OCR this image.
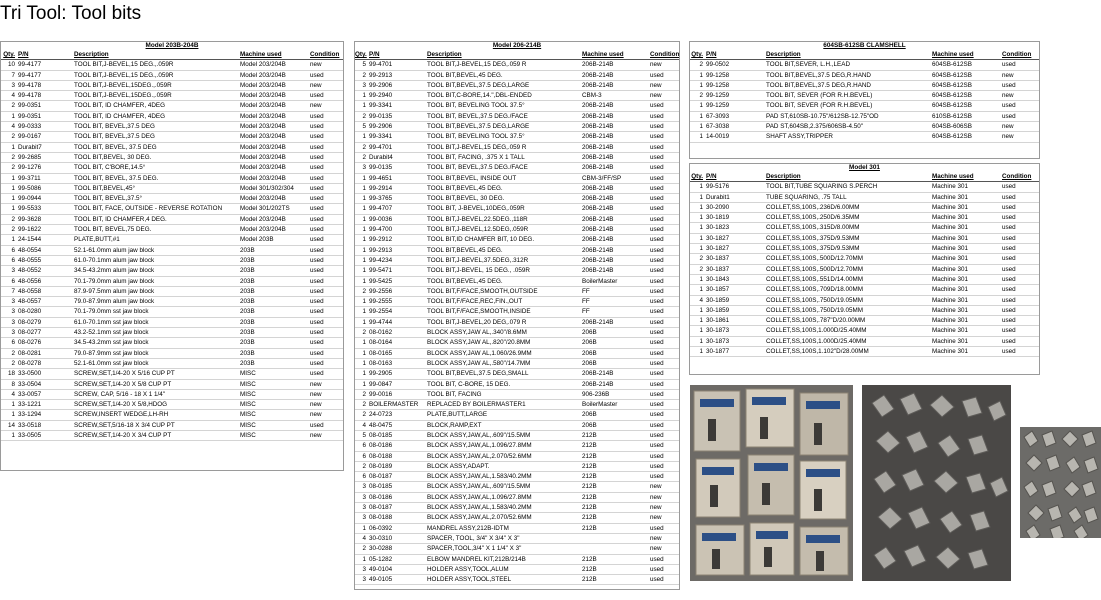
Tri Tool: Tool bits
Model 203B-204B
Qty.	P/N	Description	Machine used	Condition
10	99-4177	TOOL BIT,J-BEVEL,15 DEG.,.059R	Model 203/204B	new
7	99-4177	TOOL BIT,J-BEVEL,15 DEG.,.059R	Model 203/204B	used
3	99-4178	TOOL BIT,J-BEVEL,15DEG.,.059R	Model 203/204B	new
4	99-4178	TOOL BIT,J-BEVEL,15DEG.,.059R	Model 203/204B	used
2	99-0351	TOOL BIT, ID CHAMFER, 4DEG	Model 203/204B	new
1	99-0351	TOOL BIT, ID CHAMFER, 4DEG	Model 203/204B	used
4	99-0333	TOOL BIT, BEVEL,37.5 DEG	Model 203/204B	used
2	99-0167	TOOL BIT, BEVEL,37.5 DEG	Model 203/204B	used
1	Durabit7	TOOL BIT, BEVEL, 37.5 DEG	Model 203/204B	used
2	99-2685	TOOL BIT,BEVEL, 30 DEG.	Model 203/204B	used
2	99-1276	TOOL BIT, C'BORE,14.5°	Model 203/204B	used
1	99-3711	TOOL BIT, BEVEL, 37.5 DEG.	Model 203/204B	used
1	99-5086	TOOL BIT,BEVEL,45°	Model 301/302/304	used
1	99-0944	TOOL BIT, BEVEL,37.5°	Model 203/204B	used
1	99-5533	TOOL BIT, FACE, OUTSIDE - REVERSE ROTATION	Model 301/202TS	used
2	99-3628	TOOL BIT, ID CHAMFER,4 DEG.	Model 203/204B	used
2	99-1622	TOOL BIT, BEVEL,75 DEG.	Model 203/204B	used
1	24-1544	PLATE,BUTT,#1	Model 203B	used
6	48-0554	52.1-61.0mm alum jaw block	203B	used
6	48-0555	61.0-70.1mm alum jaw block	203B	used
3	48-0552	34.5-43.2mm alum jaw block	203B	used
6	48-0556	70.1-79.0mm alum jaw block	203B	used
7	48-0558	87.9-97.5mm alum jaw block	203B	used
3	48-0557	79.0-87.9mm alum jaw block	203B	used
3	08-0280	70.1-79.0mm sst jaw block	203B	used
3	08-0279	61.0-70.1mm sst jaw block	203B	used
3	08-0277	43.2-52.1mm sst jaw block	203B	used
6	08-0276	34.5-43.2mm sst jaw block	203B	used
2	08-0281	79.0-87.9mm sst jaw block	203B	used
2	08-0278	52.1-61.0mm sst jaw block	203B	used
18	33-0500	SCREW,SET,1/4-20 X 5/16 CUP PT	MISC	used
8	33-0504	SCREW,SET,1/4-20 X 5/8 CUP PT	MISC	new
4	33-0057	SCREW, CAP, 5/16 - 18 X 1 1/4"	MISC	new
1	33-1221	SCREW,SET,1/4-20 X 5/8,HDOG	MISC	new
1	33-1294	SCREW,INSERT WEDGE,LH-RH	MISC	new
14	33-0518	SCREW,SET,5/16-18 X 3/4 CUP PT	MISC	used
1	33-0505	SCREW,SET,1/4-20 X 3/4 CUP PT	MISC	new
Model 206-214B
Qty.	P/N	Description	Machine used	Condition
5	99-4701	TOOL BIT,J-BEVEL,15 DEG,.059 R	206B-214B	new
2	99-2913	TOOL BIT,BEVEL,45 DEG.	206B-214B	used
3	99-2906	TOOL BIT,BEVEL,37.5 DEG,LARGE	206B-214B	new
1	99-2940	TOOL BIT,C-BORE,14.",DBL-ENDED	CBM-3	new
1	99-3341	TOOL BIT, BEVELING TOOL 37.5°	206B-214B	used
2	99-0135	TOOL BIT, BEVEL,37.5 DEG./FACE	206B-214B	used
5	99-2906	TOOL BIT,BEVEL,37.5 DEG,LARGE	206B-214B	used
1	99-3341	TOOL BIT, BEVELING TOOL 37.5°	206B-214B	used
2	99-4701	TOOL BIT,J-BEVEL,15 DEG,.059 R	206B-214B	used
2	Durabit4	TOOL BIT, FACING, .375 X 1 TALL	206B-214B	used
3	99-0135	TOOL BIT, BEVEL,37.5 DEG./FACE	206B-214B	used
1	99-4651	TOOL BIT,BEVEL, INSIDE OUT	CBM-3/FF/SP	used
1	99-2914	TOOL BIT,BEVEL,45 DEG.	206B-214B	used
1	99-3765	TOOL BIT,BEVEL, 30 DEG.	206B-214B	used
1	99-4707	TOOL BIT, J-BEVEL,10DEG,.059R	206B-214B	used
1	99-0036	TOOL BIT,J-BEVEL,22.5DEG.,118R	206B-214B	used
1	99-4700	TOOL BIT,J-BEVEL,12.5DEG,.059R	206B-214B	used
1	99-2912	TOOL BIT,ID CHAMFER BIT, 10 DEG.	206B-214B	used
1	99-2913	TOOL BIT,BEVEL,45 DEG.	206B-214B	used
1	99-4234	TOOL BIT,J-BEVEL,37.5DEG,.312R	206B-214B	used
1	99-5471	TOOL BIT,J-BEVEL, 15 DEG., .059R	206B-214B	used
1	99-5425	TOOL BIT,BEVEL,45 DEG.	BoilerMaster	used
2	99-2556	TOOL BIT,F/FACE,SMOOTH,OUTSIDE	FF	used
1	99-2555	TOOL BIT,F/FACE,REC,FIN.,OUT	FF	used
1	99-2554	TOOL BIT,F/FACE,SMOOTH,INSIDE	FF	used
1	99-4744	TOOL BIT,J-BEVEL,20 DEG,.079 R	206B-214B	used
2	08-0162	BLOCK ASSY,JAW AL,.340"/8.6MM	206B	used
1	08-0164	BLOCK ASSY,JAW AL,.820"/20.8MM	206B	used
1	08-0165	BLOCK ASSY,JAW AL,1.060/26.9MM	206B	used
1	08-0163	BLOCK ASSY,JAW AL,.580"/14.7MM	206B	used
1	99-2905	TOOL BIT,BEVEL,37.5 DEG,SMALL	206B-214B	used
1	99-0847	TOOL BIT, C-BORE, 15 DEG.	206B-214B	used
2	99-0016	TOOL BIT, FACING	906-236B	used
2	BOILERMASTER	REPLACED BY BOILERMASTER1	BoilerMaster	used
2	24-0723	PLATE,BUTT,LARGE	206B	used
4	48-0475	BLOCK,RAMP,EXT	206B	used
5	08-0185	BLOCK ASSY,JAW,AL,.609"/15.5MM	212B	used
6	08-0186	BLOCK ASSY,JAW,AL,1.096/27.8MM	212B	used
6	08-0188	BLOCK ASSY,JAW,AL,2.070/52.6MM	212B	used
2	08-0189	BLOCK ASSY,ADAPT.	212B	used
6	08-0187	BLOCK ASSY,JAW,AL,1.583/40.2MM	212B	used
3	08-0185	BLOCK ASSY,JAW,AL,.609"/15.5MM	212B	new
3	08-0186	BLOCK ASSY,JAW,AL,1.096/27.8MM	212B	new
3	08-0187	BLOCK ASSY,JAW,AL,1.583/40.2MM	212B	new
3	08-0188	BLOCK ASSY,JAW,AL,2.070/52.6MM	212B	new
1	06-0392	MANDREL ASSY,212B-IDTM	212B	used
4	30-0310	SPACER, TOOL, 3/4" X 3/4" X 3"		new
2	30-0288	SPACER,TOOL,3/4" X 1 1/4" X 3"		new
1	05-1282	ELBOW MANDREL KIT,212B/214B	212B	used
3	49-0104	HOLDER ASSY,TOOL,ALUM	212B	used
3	49-0105	HOLDER ASSY,TOOL,STEEL	212B	used
604SB-612SB CLAMSHELL
Qty.	P/N	Description	Machine used	Condition
2	99-0502	TOOL BIT,SEVER, L.H.,LEAD	604SB-612SB	used
1	99-1258	TOOL BIT,BEVEL,37.5 DEG,R.HAND	604SB-612SB	new
1	99-1258	TOOL BIT,BEVEL,37.5 DEG,R.HAND	604SB-612SB	used
2	99-1259	TOOL BIT, SEVER (FOR R.H.BEVEL)	604SB-612SB	new
1	99-1259	TOOL BIT, SEVER (FOR R.H.BEVEL)	604SB-612SB	used
1	67-3093	PAD ST,610SB-10.75"/612SB-12.75"OD	610SB-612SB	used
1	67-3038	PAD ST,604SB,2.375/606SB-4.50"	604SB-606SB	new
1	14-0019	SHAFT ASSY,TRIPPER	604SB-612SB	new
Model 301
Qty.	P/N	Description	Machine used	Condition
1	99-5176	TOOL BIT,TUBE SQUARING S.PERCH	Machine 301	used
1	Durabit1	TUBE SQUARING, .75 TALL	Machine 301	used
1	30-2090	COLLET,SS,100S,.236D/6.00MM	Machine 301	used
1	30-1819	COLLET,SS,100S,.250D/6.35MM	Machine 301	used
1	30-1823	COLLET,SS,100S,.315D/8.00MM	Machine 301	used
1	30-1827	COLLET,SS,100S,.375D/9.53MM	Machine 301	used
1	30-1827	COLLET,SS,100S,.375D/9.53MM	Machine 301	used
2	30-1837	COLLET,SS,100S,.500D/12.70MM	Machine 301	used
2	30-1837	COLLET,SS,100S,.500D/12.70MM	Machine 301	used
1	30-1843	COLLET,SS,100S,.551D/14.00MM	Machine 301	used
1	30-1857	COLLET,SS,100S,.709D/18.00MM	Machine 301	used
4	30-1859	COLLET,SS,100S,.750D/19.05MM	Machine 301	used
1	30-1859	COLLET,SS,100S,.750D/19.05MM	Machine 301	used
1	30-1861	COLLET,SS,100S,.787"D/20.00MM	Machine 301	used
1	30-1873	COLLET,SS,100S,1.000D/25.40MM	Machine 301	used
1	30-1873	COLLET,SS,100S,1.000D/25.40MM	Machine 301	used
1	30-1877	COLLET,SS,100S,1.102"D/28.00MM	Machine 301	used
